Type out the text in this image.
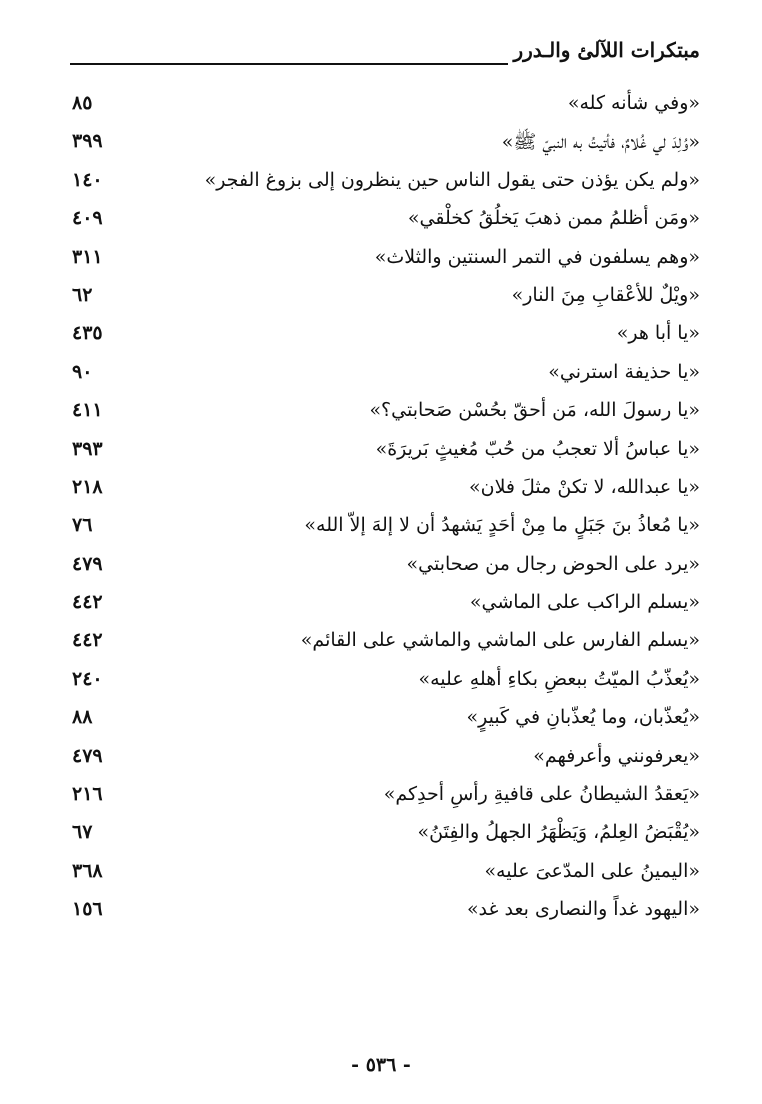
مبتكرات اللآلئ والـدرر
«وفي شأنه كله»
٨٥
«وُلِدَ لي غُلامٌ، فأتيتُ به النبيّ ﷺ»
٣٩٩
«ولم يكن يؤذن حتى يقول الناس حين ينظرون إلى بزوغ الفجر»
١٤٠
«ومَن أظلمُ ممن ذهبَ يَخلُقُ كخلْقي»
٤٠٩
«وهم يسلفون في التمر السنتين والثلاث»
٣١١
«ويْلٌ للأعْقابِ مِنَ النار»
٦٢
«يا أبا هر»
٤٣٥
«يا حذيفة استرني»
٩٠
«يا رسولَ الله، مَن أحقّ بحُسْن صَحابتي؟»
٤١١
«يا عباسُ ألا تعجبُ من حُبّ مُغيثٍ بَريرَةَ»
٣٩٣
«يا عبدالله، لا تكنْ مثلَ فلان»
٢١٨
«يا مُعاذُ بنَ جَبَلٍ ما مِنْ أحَدٍ يَشهدُ أن لا إلهَ إلاّ الله»
٧٦
«يرد على الحوض رجال من صحابتي»
٤٧٩
«يسلم الراكب على الماشي»
٤٤٢
«يسلم الفارس على الماشي والماشي على القائم»
٤٤٢
«يُعذّبُ الميّتُ ببعضِ بكاءِ أهلهِ عليه»
٢٤٠
«يُعذّبان، وما يُعذّبانِ في كَبيرٍ»
٨٨
«يعرفونني وأعرفهم»
٤٧٩
«يَعقدُ الشيطانُ على قافيةِ رأسِ أحدِكم»
٢١٦
«يُقْبَضُ العِلمُ، وَيَظْهَرُ الجهلُ والفِتَنُ»
٦٧
«اليمينُ على المدّعىَ عليه»
٣٦٨
«اليهود غداً والنصارى بعد غد»
١٥٦
- ٥٣٦ -
